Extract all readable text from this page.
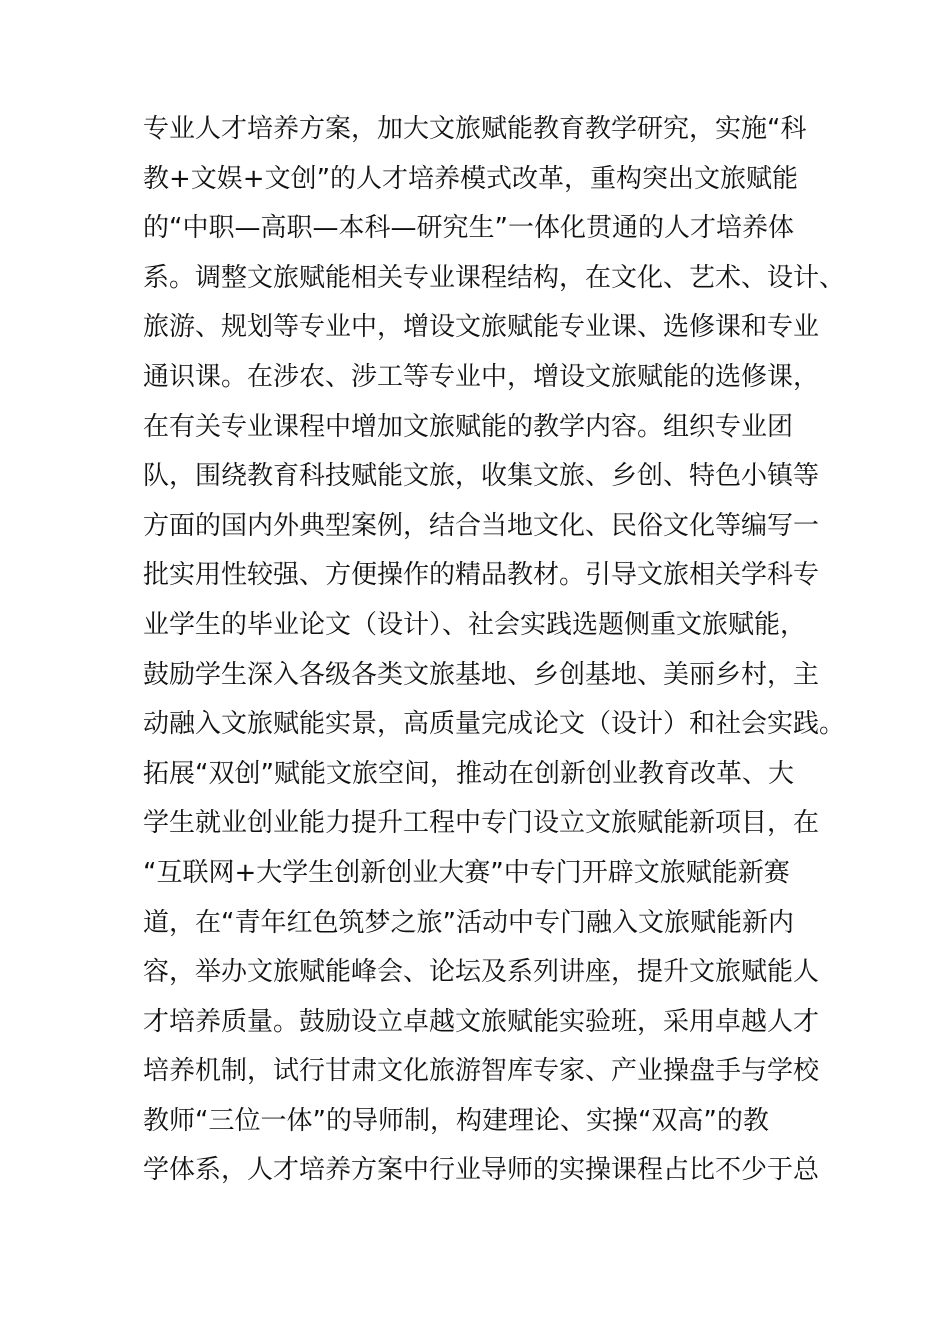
专业人才培养方案，加大文旅赋能教育教学研究，实施“科
教+文娱+文创”的人才培养模式改革，重构突出文旅赋能
的“中职—高职—本科—研究生”一体化贯通的人才培养体
系。调整文旅赋能相关专业课程结构，在文化、艺术、设计、
旅游、规划等专业中，增设文旅赋能专业课、选修课和专业
通识课。在涉农、涉工等专业中，增设文旅赋能的选修课，
在有关专业课程中增加文旅赋能的教学内容。组织专业团
队，围绕教育科技赋能文旅，收集文旅、乡创、特色小镇等
方面的国内外典型案例，结合当地文化、民俗文化等编写一
批实用性较强、方便操作的精品教材。引导文旅相关学科专
业学生的毕业论文（设计）、社会实践选题侧重文旅赋能，
鼓励学生深入各级各类文旅基地、乡创基地、美丽乡村，主
动融入文旅赋能实景，高质量完成论文（设计）和社会实践。
拓展“双创”赋能文旅空间，推动在创新创业教育改革、大
学生就业创业能力提升工程中专门设立文旅赋能新项目，在
“互联网+大学生创新创业大赛”中专门开辟文旅赋能新赛
道，在“青年红色筑梦之旅”活动中专门融入文旅赋能新内
容，举办文旅赋能峰会、论坛及系列讲座，提升文旅赋能人
才培养质量。鼓励设立卓越文旅赋能实验班，采用卓越人才
培养机制，试行甘肃文化旅游智库专家、产业操盘手与学校
教师“三位一体”的导师制，构建理论、实操“双高”的教
学体系，人才培养方案中行业导师的实操课程占比不少于总
